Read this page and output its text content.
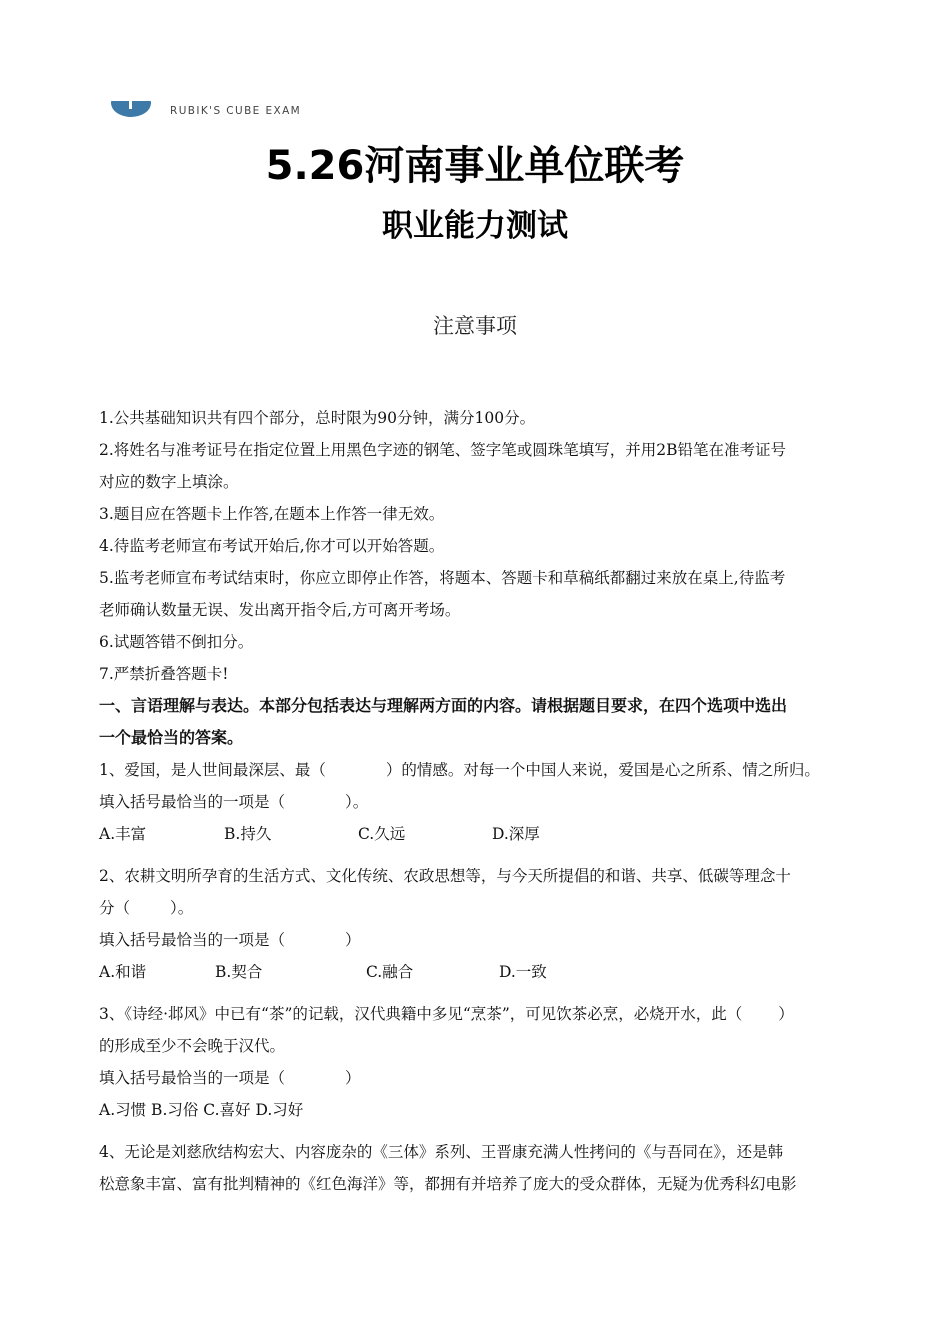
RUBIK'S CUBE EXAM
5.26河南事业单位联考
职业能力测试
注意事项
1.公共基础知识共有四个部分，总时限为90分钟，满分100分。
2.将姓名与准考证号在指定位置上用黑色字迹的钢笔、签字笔或圆珠笔填写，并用2B铅笔在准考证号
对应的数字上填涂。
3.题目应在答题卡上作答,在题本上作答一律无效。
4.待监考老师宣布考试开始后,你才可以开始答题。
5.监考老师宣布考试结束时，你应立即停止作答，将题本、答题卡和草稿纸都翻过来放在桌上,待监考
老师确认数量无误、发出离开指令后,方可离开考场。
6.试题答错不倒扣分。
7.严禁折叠答题卡!
一、言语理解与表达。本部分包括表达与理解两方面的内容。请根据题目要求，在四个选项中选出
一个最恰当的答案。
1、爱国，是人世间最深层、最（	）的情感。对每一个中国人来说，爱国是心之所系、情之所归。
填入括号最恰当的一项是（	）。
A.丰富	B.持久	C.久远	D.深厚
2、农耕文明所孕育的生活方式、文化传统、农政思想等，与今天所提倡的和谐、共享、低碳等理念十
分（	）。
填入括号最恰当的一项是（	）
A.和谐	B.契合	C.融合	D.一致
3、《诗经·邶风》中已有“茶”的记载，汉代典籍中多见“烹茶”，可见饮茶必烹，必烧开水，此（ ）
的形成至少不会晚于汉代。
填入括号最恰当的一项是（	）
A.习惯 B.习俗 C.喜好 D.习好
4、无论是刘慈欣结构宏大、内容庞杂的《三体》系列、王晋康充满人性拷问的《与吾同在》，还是韩
松意象丰富、富有批判精神的《红色海洋》等，都拥有并培养了庞大的受众群体，无疑为优秀科幻电影
